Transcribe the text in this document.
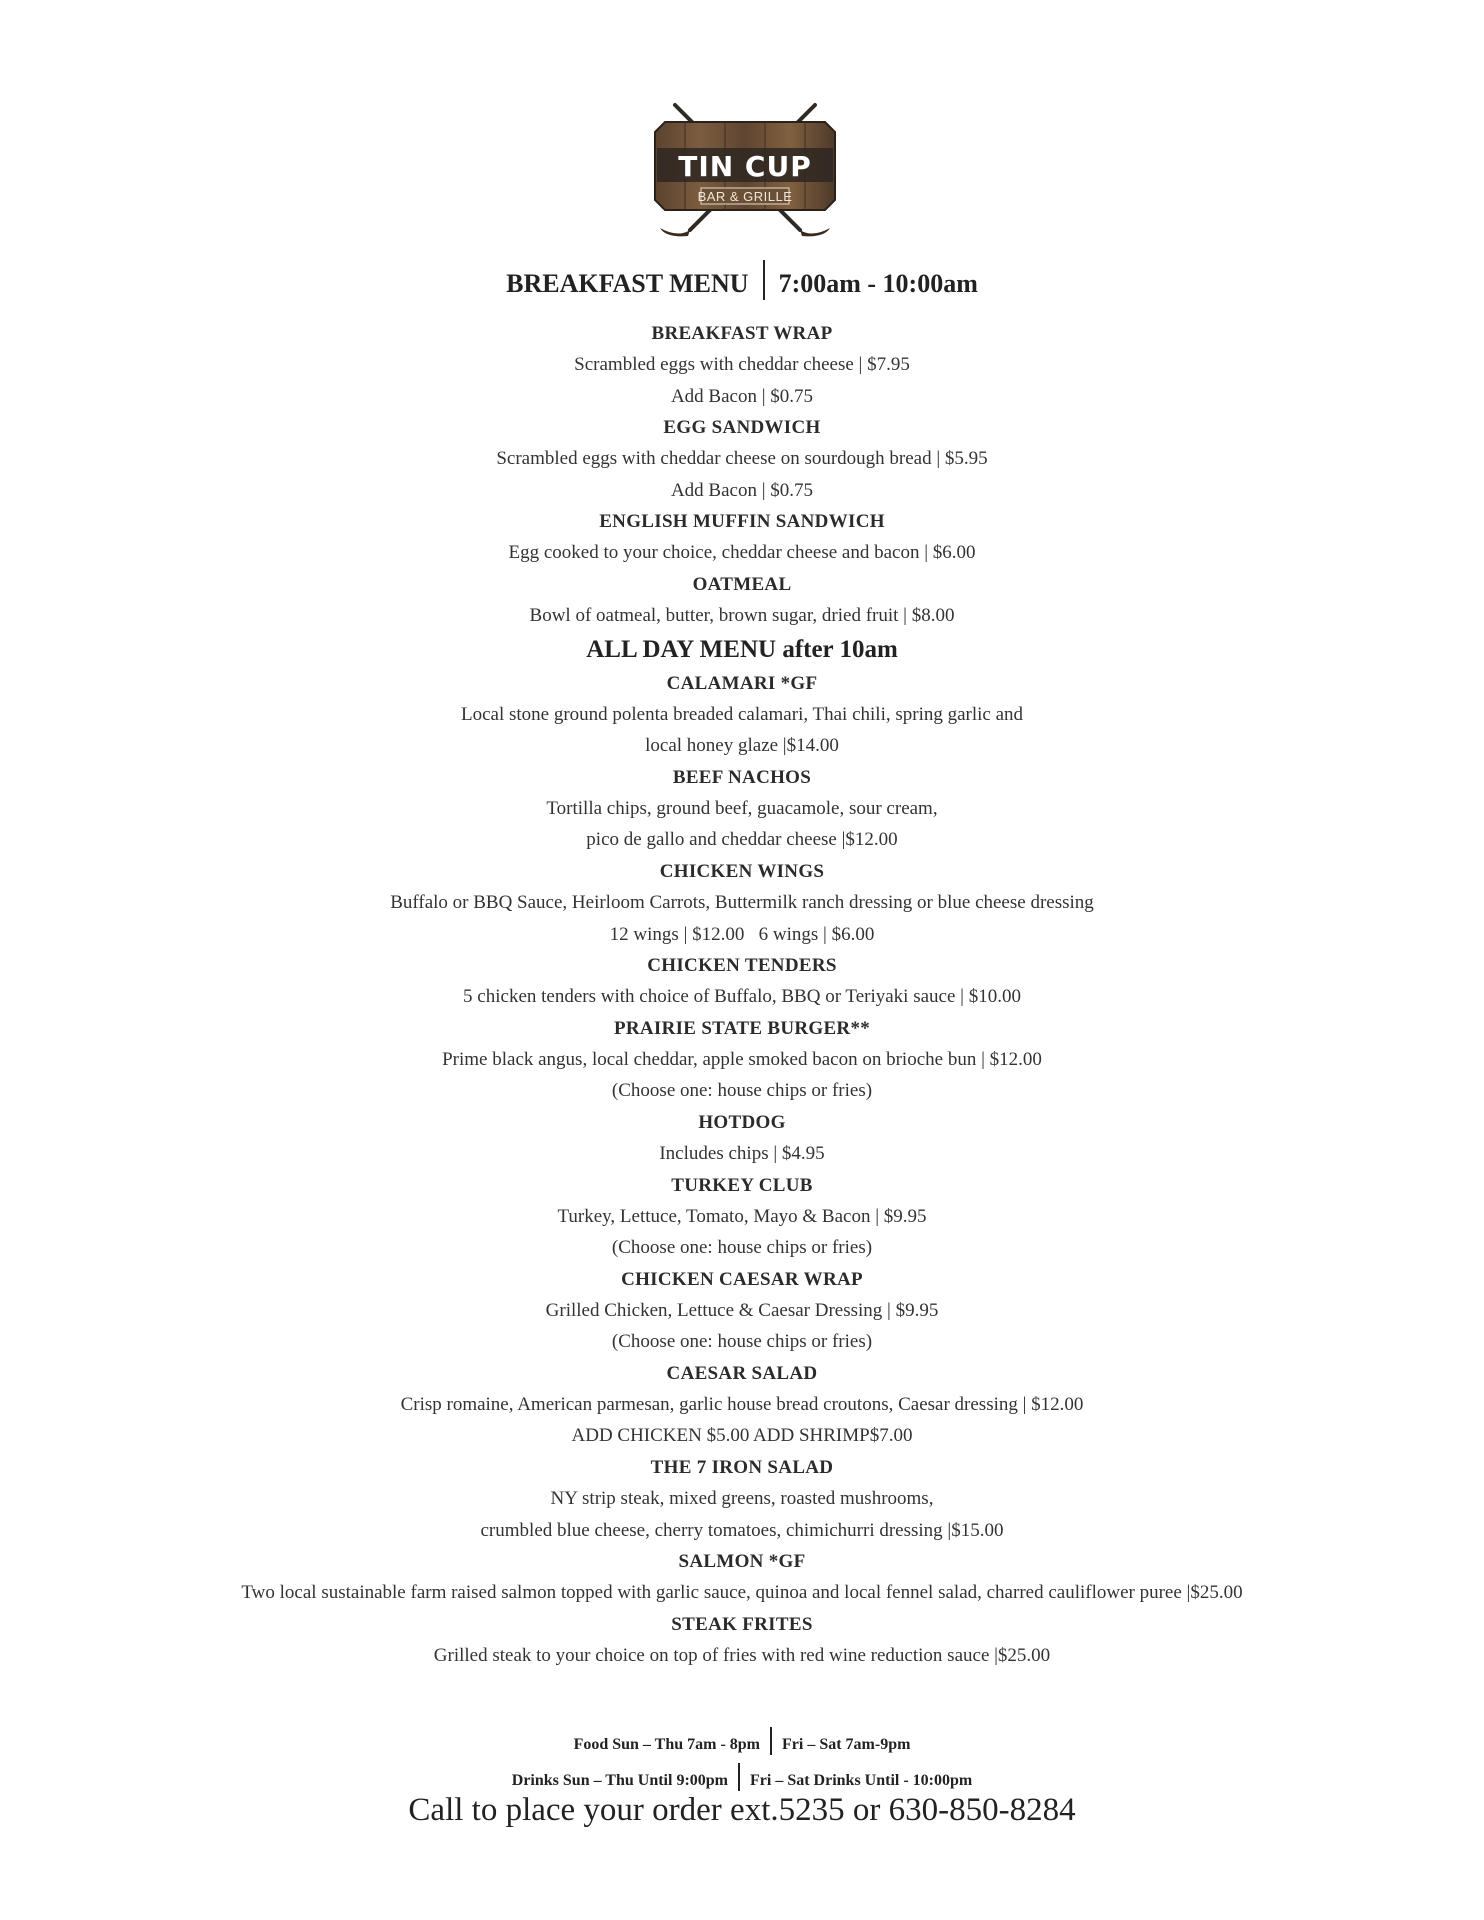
TIN CUP
BAR & GRILLE
BREAKFAST MENU 7:00am - 10:00am
BREAKFAST WRAP
Scrambled eggs with cheddar cheese | $7.95
Add Bacon | $0.75
EGG SANDWICH
Scrambled eggs with cheddar cheese on sourdough bread | $5.95
Add Bacon | $0.75
ENGLISH MUFFIN SANDWICH
Egg cooked to your choice, cheddar cheese and bacon | $6.00
OATMEAL
Bowl of oatmeal, butter, brown sugar, dried fruit | $8.00
ALL DAY MENU after 10am
CALAMARI *GF
Local stone ground polenta breaded calamari, Thai chili, spring garlic and
local honey glaze |$14.00
BEEF NACHOS
Tortilla chips, ground beef, guacamole, sour cream,
pico de gallo and cheddar cheese |$12.00
CHICKEN WINGS
Buffalo or BBQ Sauce, Heirloom Carrots, Buttermilk ranch dressing or blue cheese dressing
12 wings | $12.00   6 wings | $6.00
CHICKEN TENDERS
5 chicken tenders with choice of Buffalo, BBQ or Teriyaki sauce | $10.00
PRAIRIE STATE BURGER**
Prime black angus, local cheddar, apple smoked bacon on brioche bun | $12.00
(Choose one: house chips or fries)
HOTDOG
Includes chips | $4.95
TURKEY CLUB
Turkey, Lettuce, Tomato, Mayo & Bacon | $9.95
(Choose one: house chips or fries)
CHICKEN CAESAR WRAP
Grilled Chicken, Lettuce & Caesar Dressing | $9.95
(Choose one: house chips or fries)
CAESAR SALAD
Crisp romaine, American parmesan, garlic house bread croutons, Caesar dressing | $12.00
ADD CHICKEN $5.00 ADD SHRIMP$7.00
THE 7 IRON SALAD
NY strip steak, mixed greens, roasted mushrooms,
crumbled blue cheese, cherry tomatoes, chimichurri dressing |$15.00
SALMON *GF
Two local sustainable farm raised salmon topped with garlic sauce, quinoa and local fennel salad, charred cauliflower puree |$25.00
STEAK FRITES
Grilled steak to your choice on top of fries with red wine reduction sauce |$25.00
Food Sun – Thu 7am - 8pm Fri – Sat 7am-9pm
Drinks Sun – Thu Until 9:00pm Fri – Sat Drinks Until - 10:00pm
Call to place your order ext.5235 or 630-850-8284
